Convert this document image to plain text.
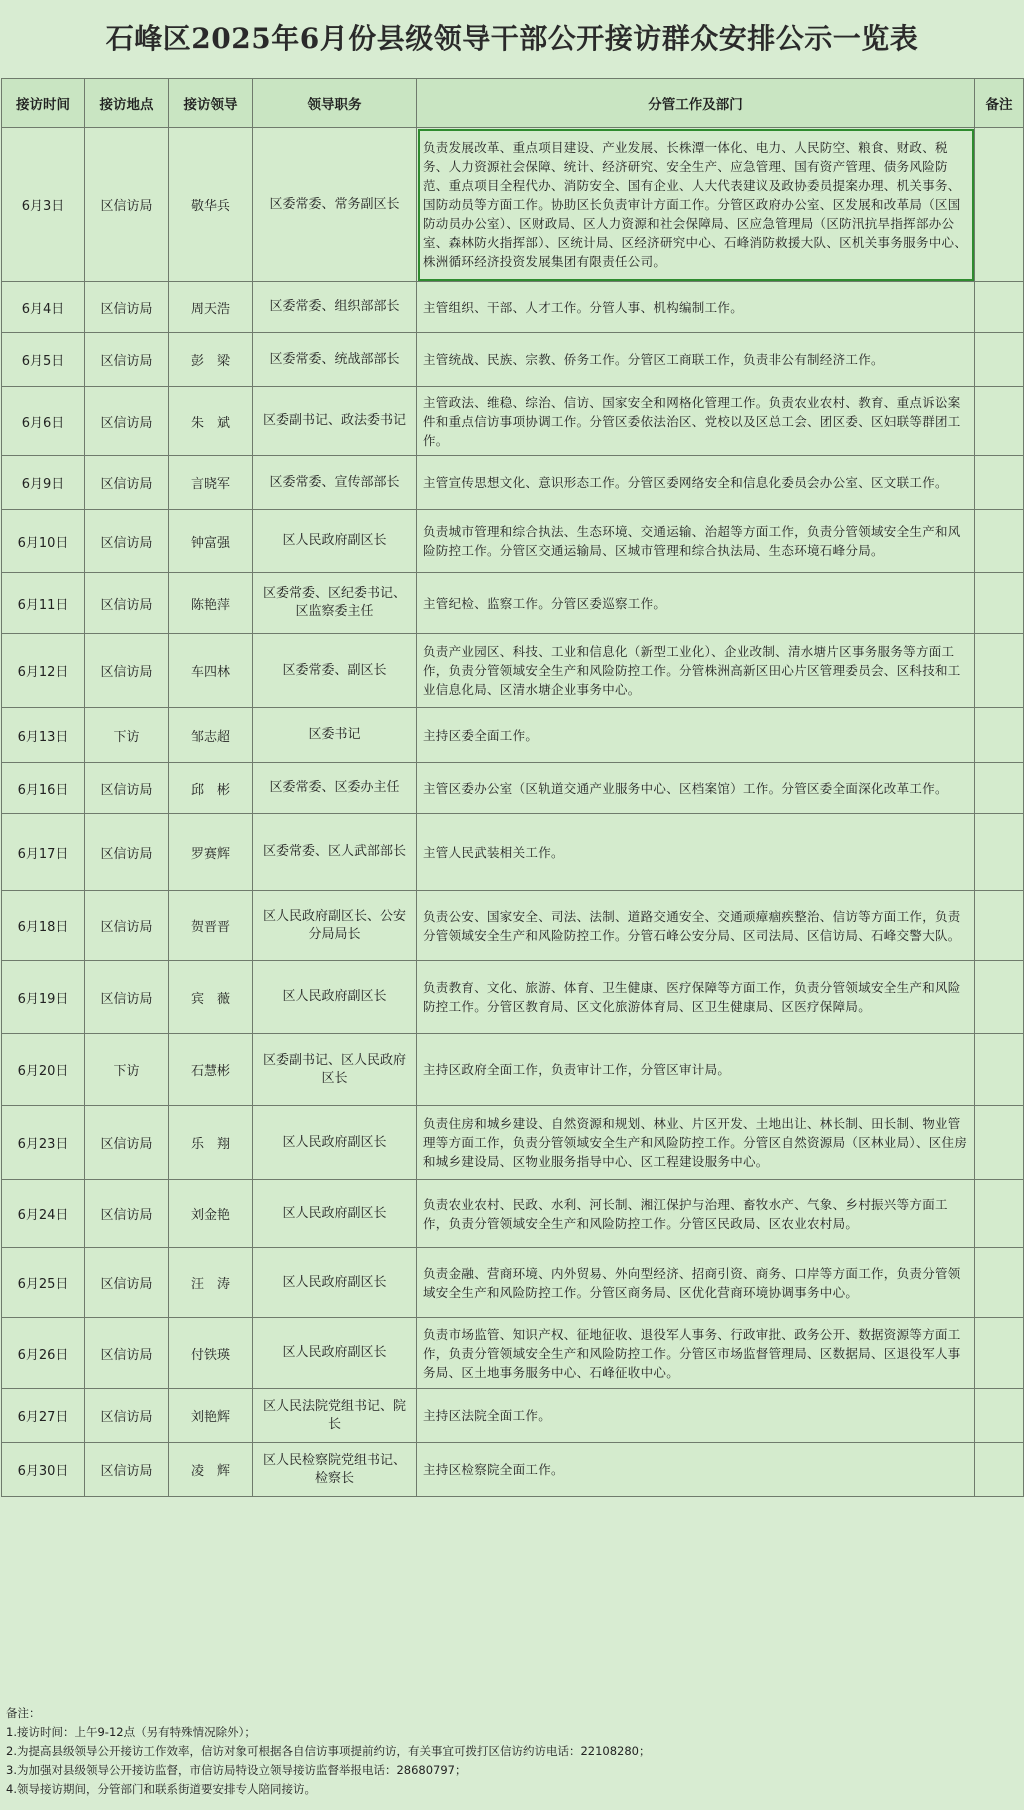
石峰区2025年6月份县级领导干部公开接访群众安排公示一览表
接访时间	接访地点	接访领导	领导职务	分管工作及部门	备注
6月3日	区信访局	敬华兵	区委常委、常务副区长	负责发展改革、重点项目建设、产业发展、长株潭一体化、电力、人民防空、粮食、财政、税务、人力资源社会保障、统计、经济研究、安全生产、应急管理、国有资产管理、债务风险防范、重点项目全程代办、消防安全、国有企业、人大代表建议及政协委员提案办理、机关事务、国防动员等方面工作。协助区长负责审计方面工作。分管区政府办公室、区发展和改革局（区国防动员办公室）、区财政局、区人力资源和社会保障局、区应急管理局（区防汛抗旱指挥部办公室、森林防火指挥部）、区统计局、区经济研究中心、石峰消防救援大队、区机关事务服务中心、株洲循环经济投资发展集团有限责任公司。	
6月4日	区信访局	周天浩	区委常委、组织部部长	主管组织、干部、人才工作。分管人事、机构编制工作。	
6月5日	区信访局	彭　梁	区委常委、统战部部长	主管统战、民族、宗教、侨务工作。分管区工商联工作，负责非公有制经济工作。	
6月6日	区信访局	朱　斌	区委副书记、政法委书记	主管政法、维稳、综治、信访、国家安全和网格化管理工作。负责农业农村、教育、重点诉讼案件和重点信访事项协调工作。分管区委依法治区、党校以及区总工会、团区委、区妇联等群团工作。	
6月9日	区信访局	言晓军	区委常委、宣传部部长	主管宣传思想文化、意识形态工作。分管区委网络安全和信息化委员会办公室、区文联工作。	
6月10日	区信访局	钟富强	区人民政府副区长	负责城市管理和综合执法、生态环境、交通运输、治超等方面工作，负责分管领域安全生产和风险防控工作。分管区交通运输局、区城市管理和综合执法局、生态环境石峰分局。	
6月11日	区信访局	陈艳萍	区委常委、区纪委书记、区监察委主任	主管纪检、监察工作。分管区委巡察工作。	
6月12日	区信访局	车四林	区委常委、副区长	负责产业园区、科技、工业和信息化（新型工业化）、企业改制、清水塘片区事务服务等方面工作，负责分管领域安全生产和风险防控工作。分管株洲高新区田心片区管理委员会、区科技和工业信息化局、区清水塘企业事务中心。	
6月13日	下访	邹志超	区委书记	主持区委全面工作。	
6月16日	区信访局	邱　彬	区委常委、区委办主任	主管区委办公室（区轨道交通产业服务中心、区档案馆）工作。分管区委全面深化改革工作。	
6月17日	区信访局	罗赛辉	区委常委、区人武部部长	主管人民武装相关工作。	
6月18日	区信访局	贺晋晋	区人民政府副区长、公安分局局长	负责公安、国家安全、司法、法制、道路交通安全、交通顽瘴痼疾整治、信访等方面工作，负责分管领域安全生产和风险防控工作。分管石峰公安分局、区司法局、区信访局、石峰交警大队。	
6月19日	区信访局	宾　薇	区人民政府副区长	负责教育、文化、旅游、体育、卫生健康、医疗保障等方面工作，负责分管领域安全生产和风险防控工作。分管区教育局、区文化旅游体育局、区卫生健康局、区医疗保障局。	
6月20日	下访	石慧彬	区委副书记、区人民政府区长	主持区政府全面工作，负责审计工作，分管区审计局。	
6月23日	区信访局	乐　翔	区人民政府副区长	负责住房和城乡建设、自然资源和规划、林业、片区开发、土地出让、林长制、田长制、物业管理等方面工作，负责分管领域安全生产和风险防控工作。分管区自然资源局（区林业局）、区住房和城乡建设局、区物业服务指导中心、区工程建设服务中心。	
6月24日	区信访局	刘金艳	区人民政府副区长	负责农业农村、民政、水利、河长制、湘江保护与治理、畜牧水产、气象、乡村振兴等方面工作，负责分管领域安全生产和风险防控工作。分管区民政局、区农业农村局。	
6月25日	区信访局	汪　涛	区人民政府副区长	负责金融、营商环境、内外贸易、外向型经济、招商引资、商务、口岸等方面工作，负责分管领域安全生产和风险防控工作。分管区商务局、区优化营商环境协调事务中心。	
6月26日	区信访局	付铁瑛	区人民政府副区长	负责市场监管、知识产权、征地征收、退役军人事务、行政审批、政务公开、数据资源等方面工作，负责分管领域安全生产和风险防控工作。分管区市场监督管理局、区数据局、区退役军人事务局、区土地事务服务中心、石峰征收中心。	
6月27日	区信访局	刘艳辉	区人民法院党组书记、院长	主持区法院全面工作。	
6月30日	区信访局	凌　辉	区人民检察院党组书记、检察长	主持区检察院全面工作。	
备注：
1.接访时间：上午9-12点（另有特殊情况除外）；
2.为提高县级领导公开接访工作效率，信访对象可根据各自信访事项提前约访，有关事宜可拨打区信访约访电话：22108280；
3.为加强对县级领导公开接访监督，市信访局特设立领导接访监督举报电话：28680797；
4.领导接访期间，分管部门和联系街道要安排专人陪同接访。
